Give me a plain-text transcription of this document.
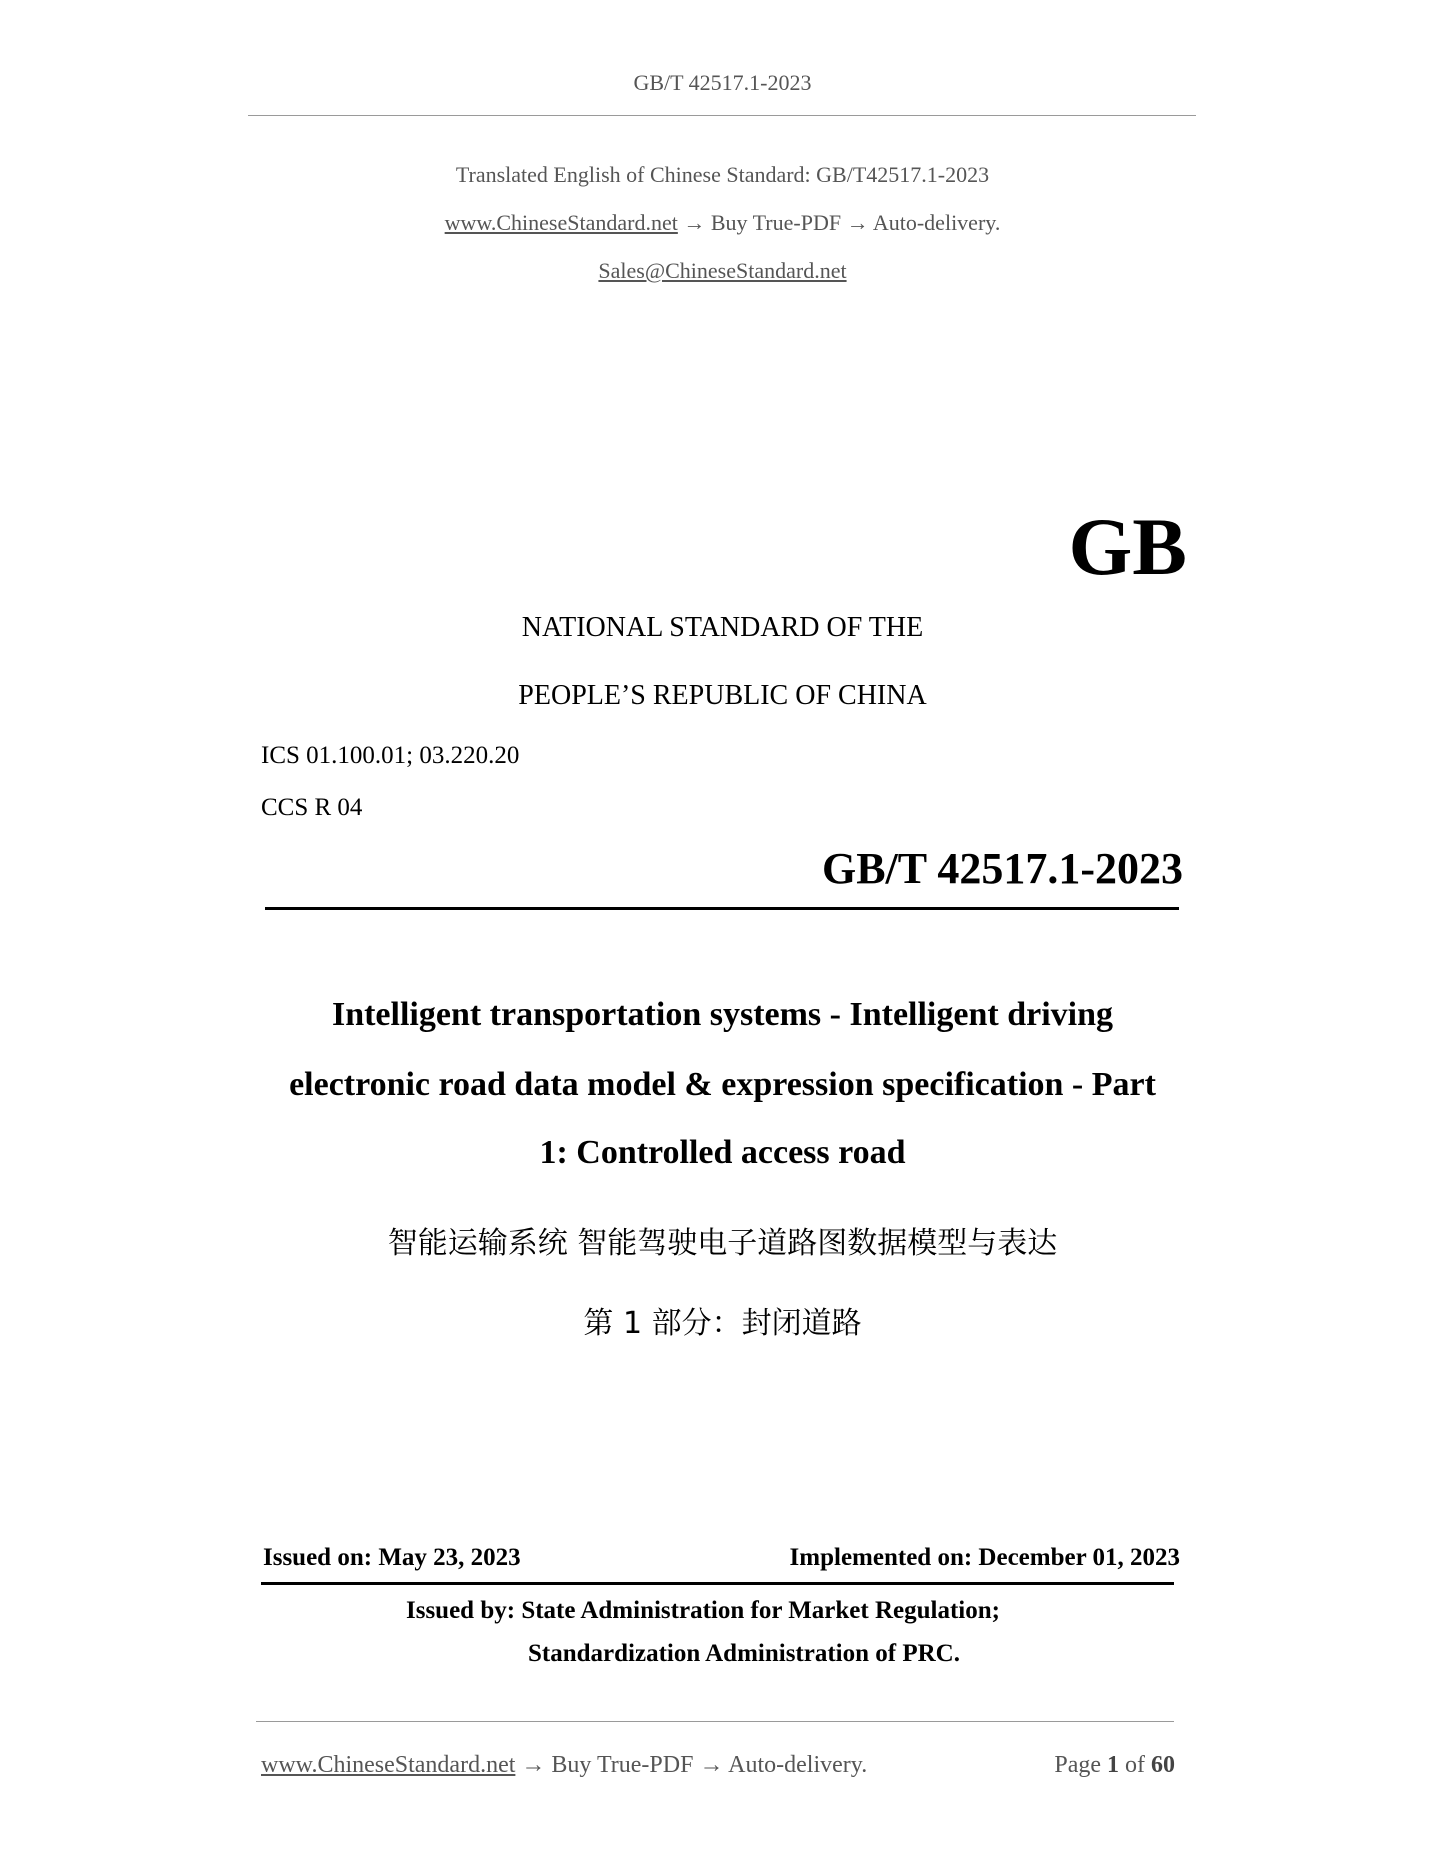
GB/T 42517.1-2023
Translated English of Chinese Standard: GB/T42517.1-2023
www.ChineseStandard.net → Buy True-PDF → Auto-delivery.
Sales@ChineseStandard.net
GB
NATIONAL STANDARD OF THE
PEOPLE’S REPUBLIC OF CHINA
ICS 01.100.01; 03.220.20
CCS R 04
GB/T 42517.1-2023
Intelligent transportation systems - Intelligent driving
electronic road data model & expression specification - Part
1: Controlled access road
智能运输系统 智能驾驶电子道路图数据模型与表达
第 1 部分：封闭道路
Issued on: May 23, 2023	Implemented on: December 01, 2023
Issued by: State Administration for Market Regulation;
Standardization Administration of PRC.
www.ChineseStandard.net → Buy True-PDF → Auto-delivery.	Page 1 of 60
